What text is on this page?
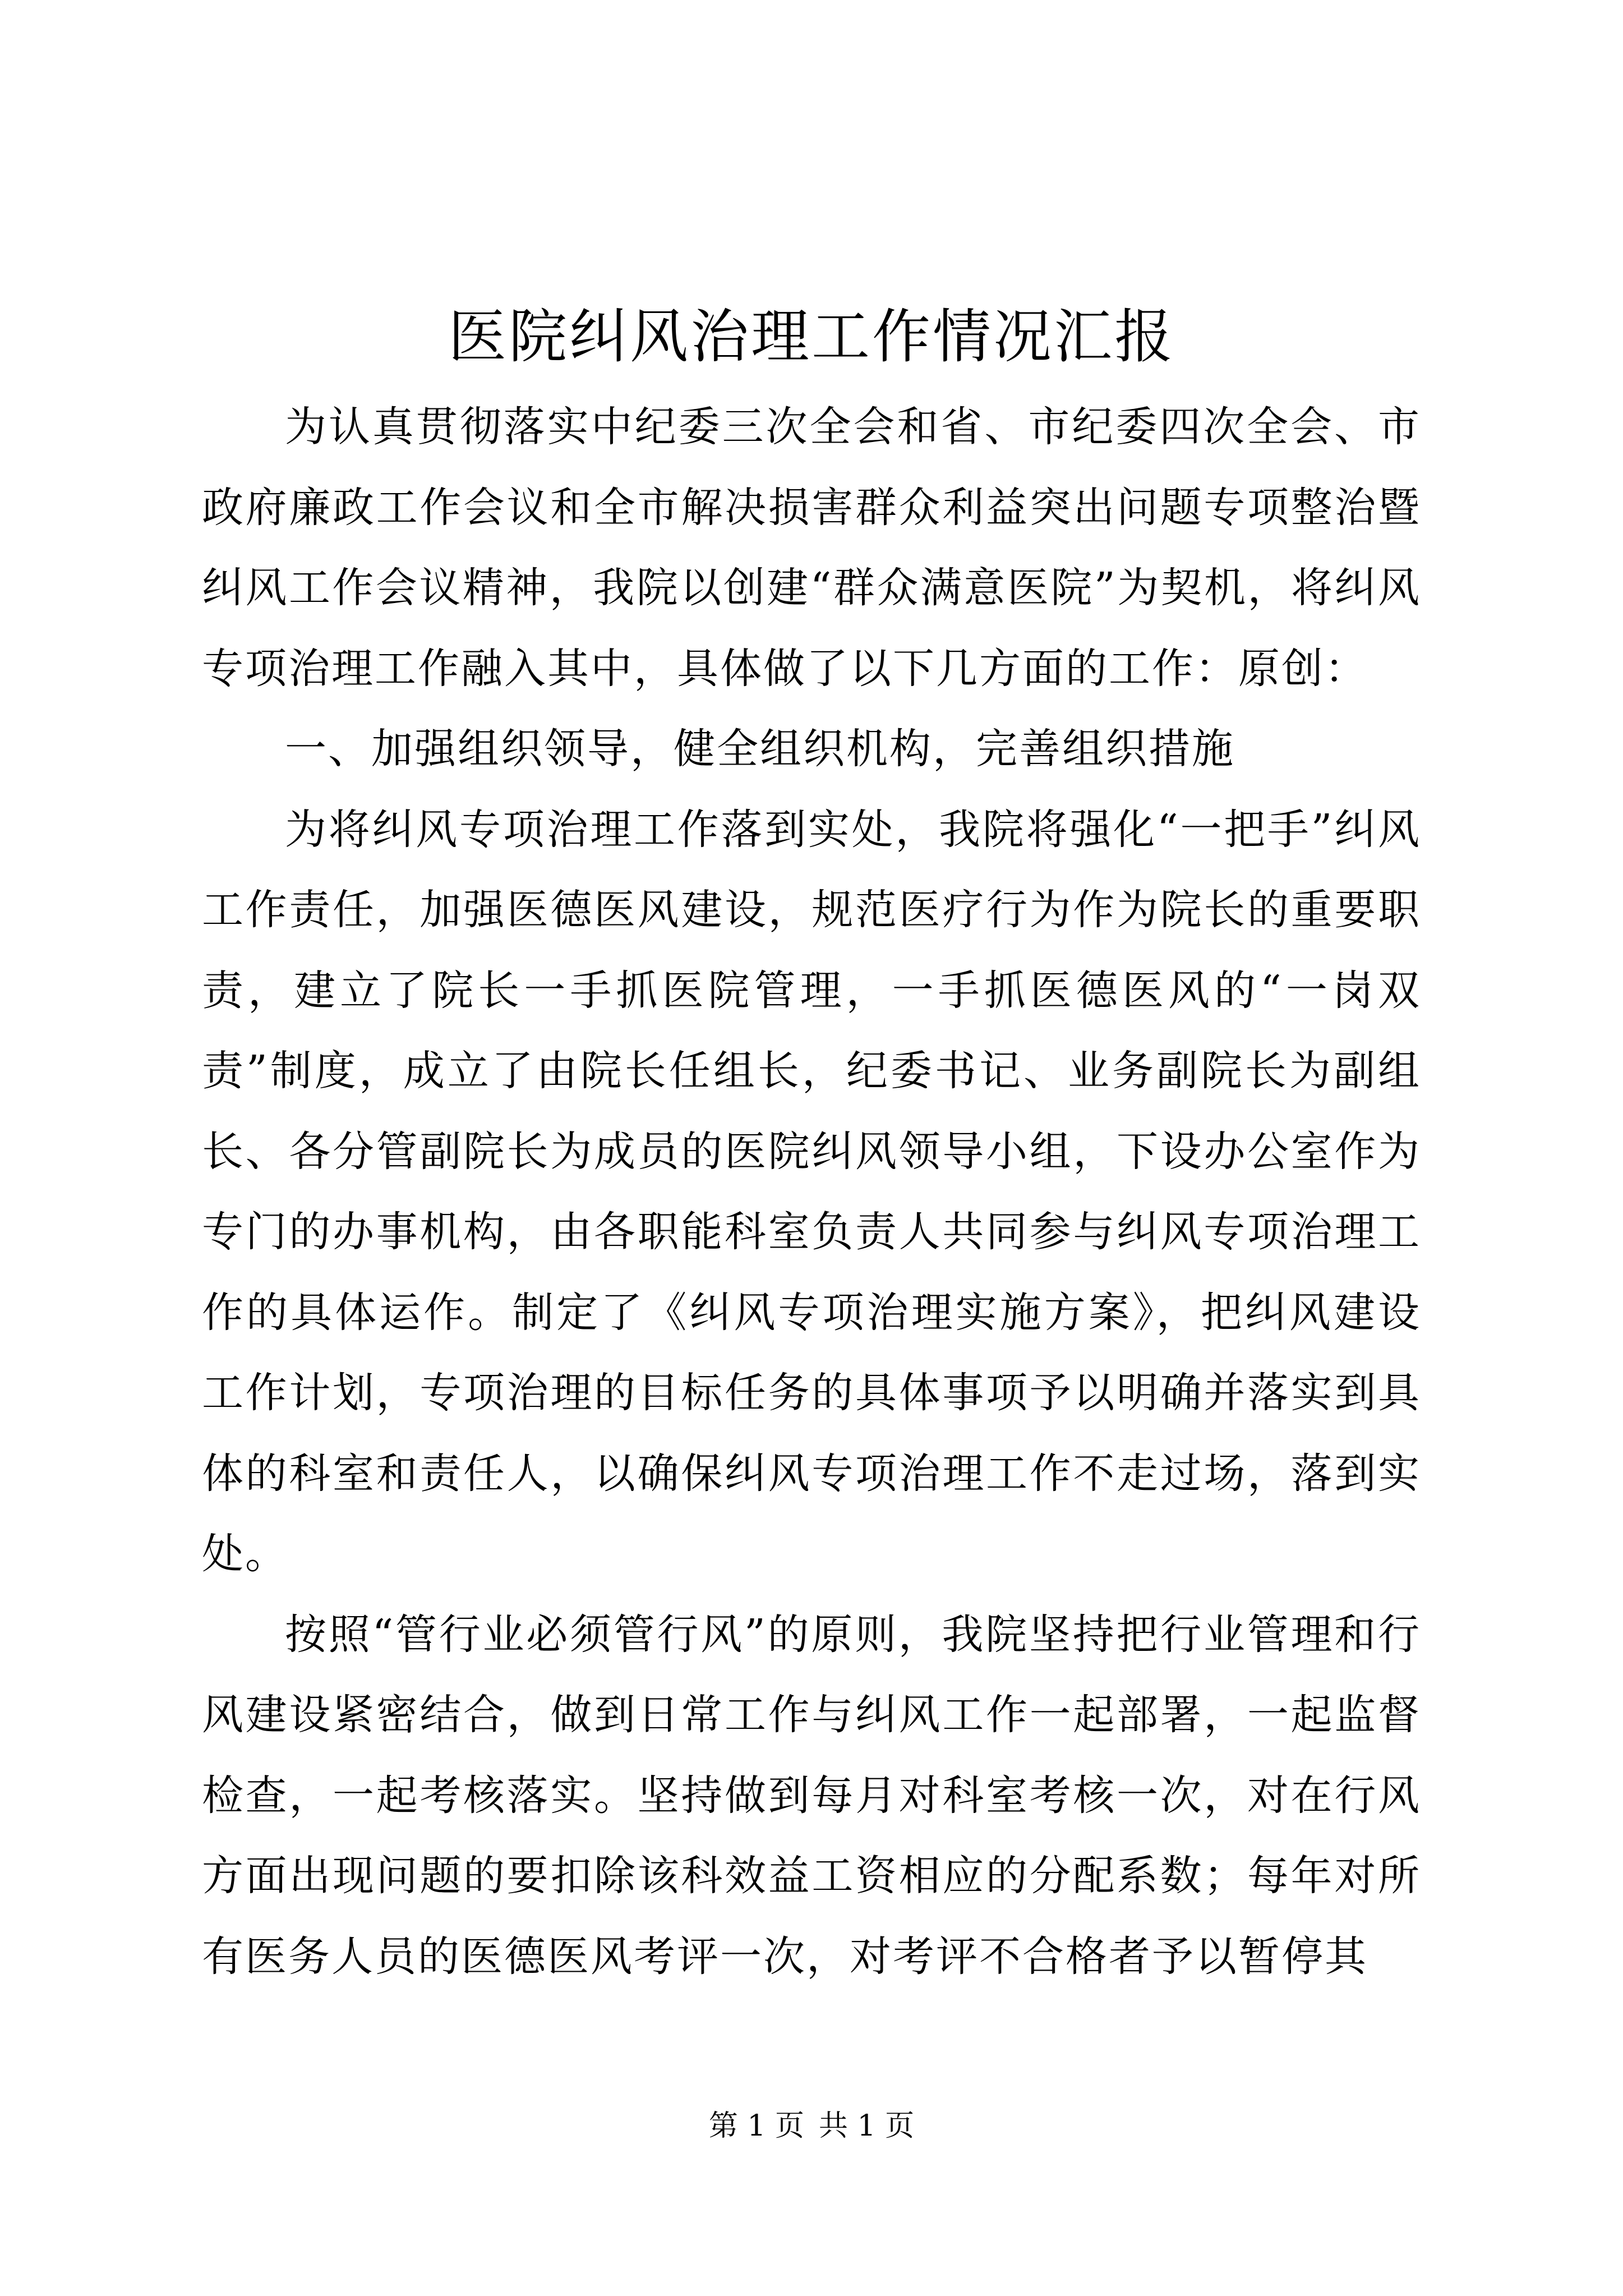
医院纠风治理工作情况汇报

为认真贯彻落实中纪委三次全会和省、市纪委四次全会、市政府廉政工作会议和全市解决损害群众利益突出问题专项整治暨纠风工作会议精神，我院以创建“群众满意医院”为契机，将纠风专项治理工作融入其中，具体做了以下几方面的工作：原创：

一、加强组织领导，健全组织机构，完善组织措施

为将纠风专项治理工作落到实处，我院将强化“一把手”纠风工作责任，加强医德医风建设，规范医疗行为作为院长的重要职责，建立了院长一手抓医院管理，一手抓医德医风的“一岗双责”制度，成立了由院长任组长，纪委书记、业务副院长为副组长、各分管副院长为成员的医院纠风领导小组，下设办公室作为专门的办事机构，由各职能科室负责人共同参与纠风专项治理工作的具体运作。制定了《纠风专项治理实施方案》，把纠风建设工作计划，专项治理的目标任务的具体事项予以明确并落实到具体的科室和责任人，以确保纠风专项治理工作不走过场，落到实处。

按照“管行业必须管行风”的原则，我院坚持把行业管理和行风建设紧密结合，做到日常工作与纠风工作一起部署，一起监督检查，一起考核落实。坚持做到每月对科室考核一次，对在行风方面出现问题的要扣除该科效益工资相应的分配系数；每年对所有医务人员的医德医风考评一次，对考评不合格者予以暂停其

第 1 页 共 1 页
